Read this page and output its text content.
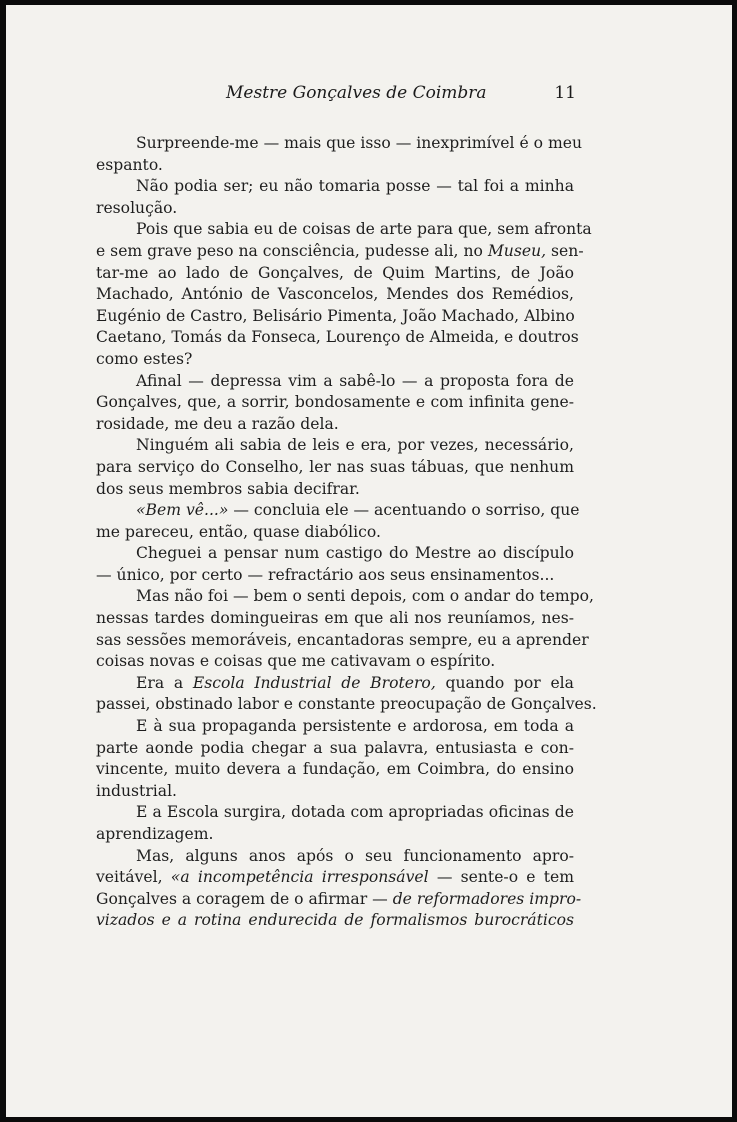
Mestre Gonçalves de Coimbra	11
Surpreende-me — mais que isso — inexprimível é o meu
espanto.
Não podia ser; eu não tomaria posse — tal foi a minha
resolução.
Pois que sabia eu de coisas de arte para que, sem afronta
e sem grave peso na consciência, pudesse ali, no Museu, sen-
tar-me ao lado de Gonçalves, de Quim Martins, de João
Machado, António de Vasconcelos, Mendes dos Remédios,
Eugénio de Castro, Belisário Pimenta, João Machado, Albino
Caetano, Tomás da Fonseca, Lourenço de Almeida, e doutros
como estes?
Afinal — depressa vim a sabê-lo — a proposta fora de
Gonçalves, que, a sorrir, bondosamente e com infinita gene-
rosidade, me deu a razão dela.
Ninguém ali sabia de leis e era, por vezes, necessário,
para serviço do Conselho, ler nas suas tábuas, que nenhum
dos seus membros sabia decifrar.
«Bem vê...» — concluia ele — acentuando o sorriso, que
me pareceu, então, quase diabólico.
Cheguei a pensar num castigo do Mestre ao discípulo
— único, por certo — refractário aos seus ensinamentos...
Mas não foi — bem o senti depois, com o andar do tempo,
nessas tardes domingueiras em que ali nos reuníamos, nes-
sas sessões memoráveis, encantadoras sempre, eu a aprender
coisas novas e coisas que me cativavam o espírito.
Era a Escola Industrial de Brotero, quando por ela
passei, obstinado labor e constante preocupação de Gonçalves.
E à sua propaganda persistente e ardorosa, em toda a
parte aonde podia chegar a sua palavra, entusiasta e con-
vincente, muito devera a fundação, em Coimbra, do ensino
industrial.
E a Escola surgira, dotada com apropriadas oficinas de
aprendizagem.
Mas, alguns anos após o seu funcionamento apro-
veitável, «a incompetência irresponsável — sente-o e tem
Gonçalves a coragem de o afirmar — de reformadores impro-
vizados e a rotina endurecida de formalismos burocráticos
